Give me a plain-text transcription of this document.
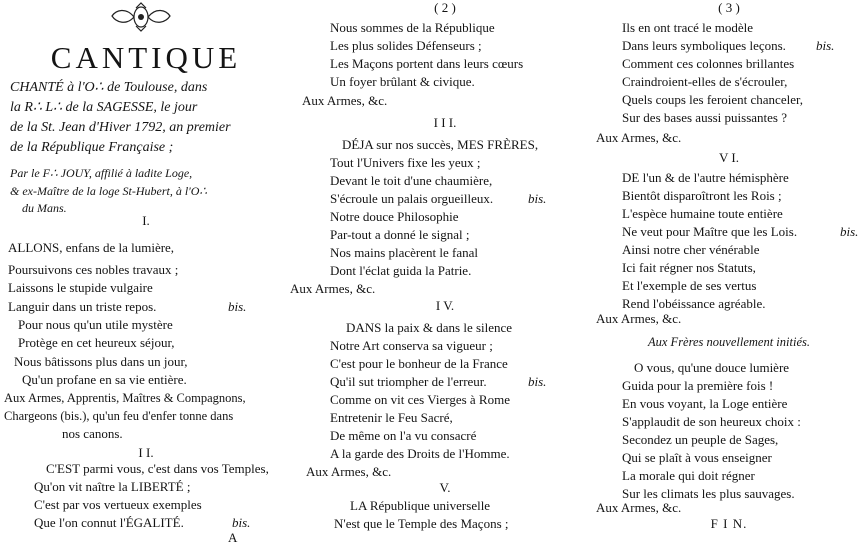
CANTIQUE
CHANTÉ à l'O∴ de Toulouse, dans
la R∴ L∴ de la SAGESSE, le jour
de la St. Jean d'Hiver 1792, an premier
de la République Française ;
Par le F∴ JOUY, affilié à ladite Loge,
& ex-Maître de la loge St-Hubert, à l'O∴
du Mans.
I.
ALLONS, enfans de la lumière,
Poursuivons ces nobles travaux ;
Laissons le stupide vulgaire
Languir dans un triste repos.	bis.
Pour nous qu'un utile mystère
Protège en cet heureux séjour,
Nous bâtissons plus dans un jour,
Qu'un profane en sa vie entière.
Aux Armes, Apprentis, Maîtres & Compagnons,
Chargeons (bis.), qu'un feu d'enfer tonne dans
nos canons.
I I.
C'EST parmi vous, c'est dans vos Temples,
Qu'on vit naître la LIBERTÉ ;
C'est par vos vertueux exemples
Que l'on connut l'ÉGALITÉ.	bis.
A
( 2 )
Nous sommes de la République
Les plus solides Défenseurs ;
Les Maçons portent dans leurs cœurs
Un foyer brûlant & civique.
Aux Armes, &c.
I I I.
DÉJA sur nos succès, MES FRÈRES,
Tout l'Univers fixe les yeux ;
Devant le toit d'une chaumière,
S'écroule un palais orgueilleux.	bis.
Notre douce Philosophie
Par-tout a donné le signal ;
Nos mains placèrent le fanal
Dont l'éclat guida la Patrie.
Aux Armes, &c.
I V.
DANS la paix & dans le silence
Notre Art conserva sa vigueur ;
C'est pour le bonheur de la France
Qu'il sut triompher de l'erreur.	bis.
Comme on vit ces Vierges à Rome
Entretenir le Feu Sacré,
De même on l'a vu consacré
A la garde des Droits de l'Homme.
Aux Armes, &c.
V.
LA République universelle
N'est que le Temple des Maçons ;
( 3 )
Ils en ont tracé le modèle
Dans leurs symboliques leçons. bis.
Comment ces colonnes brillantes
Craindroient-elles de s'écrouler,
Quels coups les feroient chanceler,
Sur des bases aussi puissantes ?
Aux Armes, &c.
V I.
DE l'un & de l'autre hémisphère
Bientôt disparoîtront les Rois ;
L'espèce humaine toute entière
Ne veut pour Maître que les Lois.	bis.
Ainsi notre cher vénérable
Ici fait régner nos Statuts,
Et l'exemple de ses vertus
Rend l'obéissance agréable.
Aux Armes, &c.
Aux Frères nouvellement initiés.
O vous, qu'une douce lumière
Guida pour la première fois !
En vous voyant, la Loge entière
S'applaudit de son heureux choix :
Secondez un peuple de Sages,
Qui se plaît à vous enseigner
La morale qui doit régner
Sur les climats les plus sauvages.
Aux Armes, &c.
F I N.
